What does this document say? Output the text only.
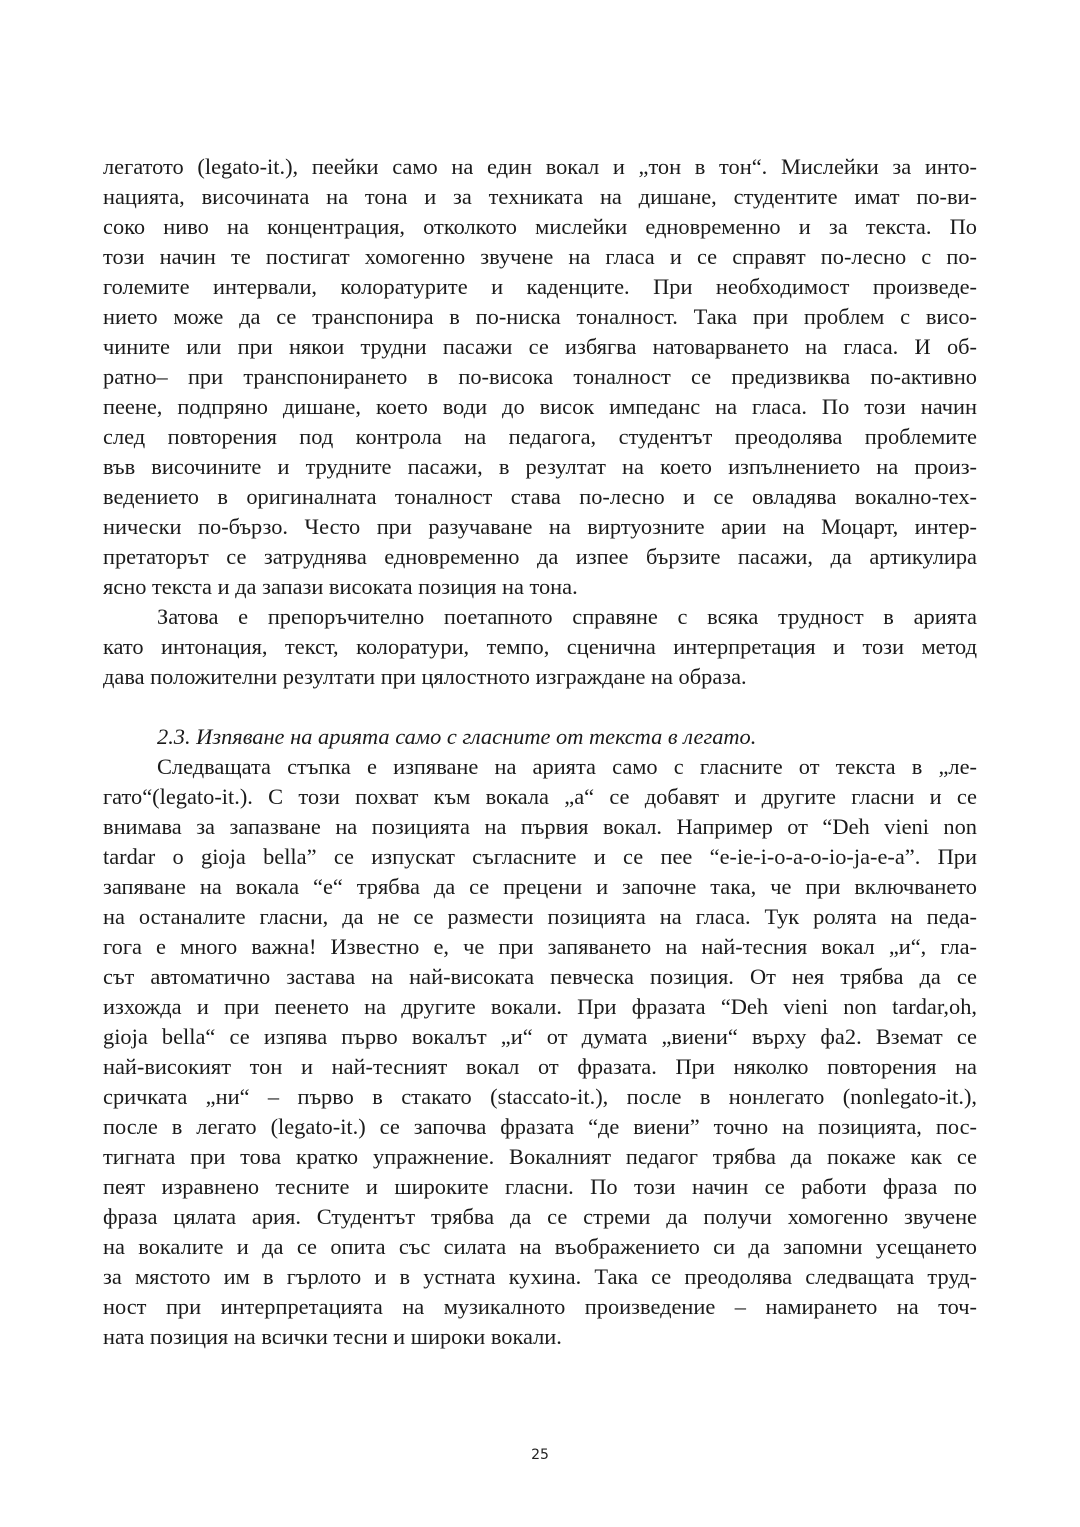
легатото (legato-it.), пеейки само на един вокал и „тон в тон“. Мислейки за инто-
нацията, височината на тона и за техниката на дишане, студентите имат по-ви-
соко ниво на концентрация, отколкото мислейки едновременно и за текста. По
този начин те постигат хомогенно звучене на гласа и се справят по-лесно с по-
големите интервали, колоратурите и каденците. При необходимост произведе-
нието може да се транспонира в по-ниска тоналност. Така при проблем с висо-
чините или при някои трудни пасажи се избягва натоварването на гласа. И об-
ратно– при транспонирането в по-висока тоналност се предизвиква по-активно
пеене, подпряно дишане, което води до висок импеданс на гласа. По този начин
след повторения под контрола на педагога, студентът преодолява проблемите
във височините и трудните пасажи, в резултат на което изпълнението на произ-
ведението в оригиналната тоналност става по-лесно и се овладява вокално-тех-
нически по-бързо. Често при разучаване на виртуозните арии на Моцарт, интер-
претаторът се затруднява едновременно да изпее бързите пасажи, да артикулира
ясно текста и да запази високата позиция на тона.
Затова е препоръчително поетапното справяне с всяка трудност в арията
като интонация, текст, колоратури, темпо, сценична интерпретация и този метод
дава положителни резултати при цялостното изграждане на образа.
2.3. Изпяване на арията само с гласните от текста в легато.
Следващата стъпка е изпяване на арията само с гласните от текста в „ле-
гато“(legato-it.). С този похват към вокала „а“ се добавят и другите гласни и се
внимава за запазване на позицията на първия вокал. Например от “Deh vieni non
tardar o gioja bella” се изпускат съгласните и се пее “e-ie-i-o-a-o-io-ja-e-a”. При
запяване на вокала “е“ трябва да се прецени и започне така, че при включването
на останалите гласни, да не се размести позицията на гласа. Тук ролята на педа-
гога е много важна! Известно е, че при запяването на най-тесния вокал „и“, гла-
сът автоматично застава на най-високата певческа позиция. От нея трябва да се
изхожда и при пеенето на другите вокали. При фразата “Deh vieni non tardar,oh,
gioja bella“ се изпява първо вокалът „и“ от думата „виени“ върху фа2. Вземат се
най-високият тон и най-тесният вокал от фразата. При няколко повторения на
сричката „ни“ – първо в стакато (staccato-it.), после в нонлегато (nonlegato-it.),
после в легато (legato-it.) се започва фразата “де виени” точно на позицията, пос-
тигната при това кратко упражнение. Вокалният педагог трябва да покаже как се
пеят изравнено тесните и широките гласни. По този начин се работи фраза по
фраза цялата ария. Студентът трябва да се стреми да получи хомогенно звучене
на вокалите и да се опита със силата на въображението си да запомни усещането
за мястото им в гърлото и в устната кухина. Така се преодолява следващата труд-
ност при интерпретацията на музикалното произведение – намирането на точ-
ната позиция на всички тесни и широки вокали.
25
